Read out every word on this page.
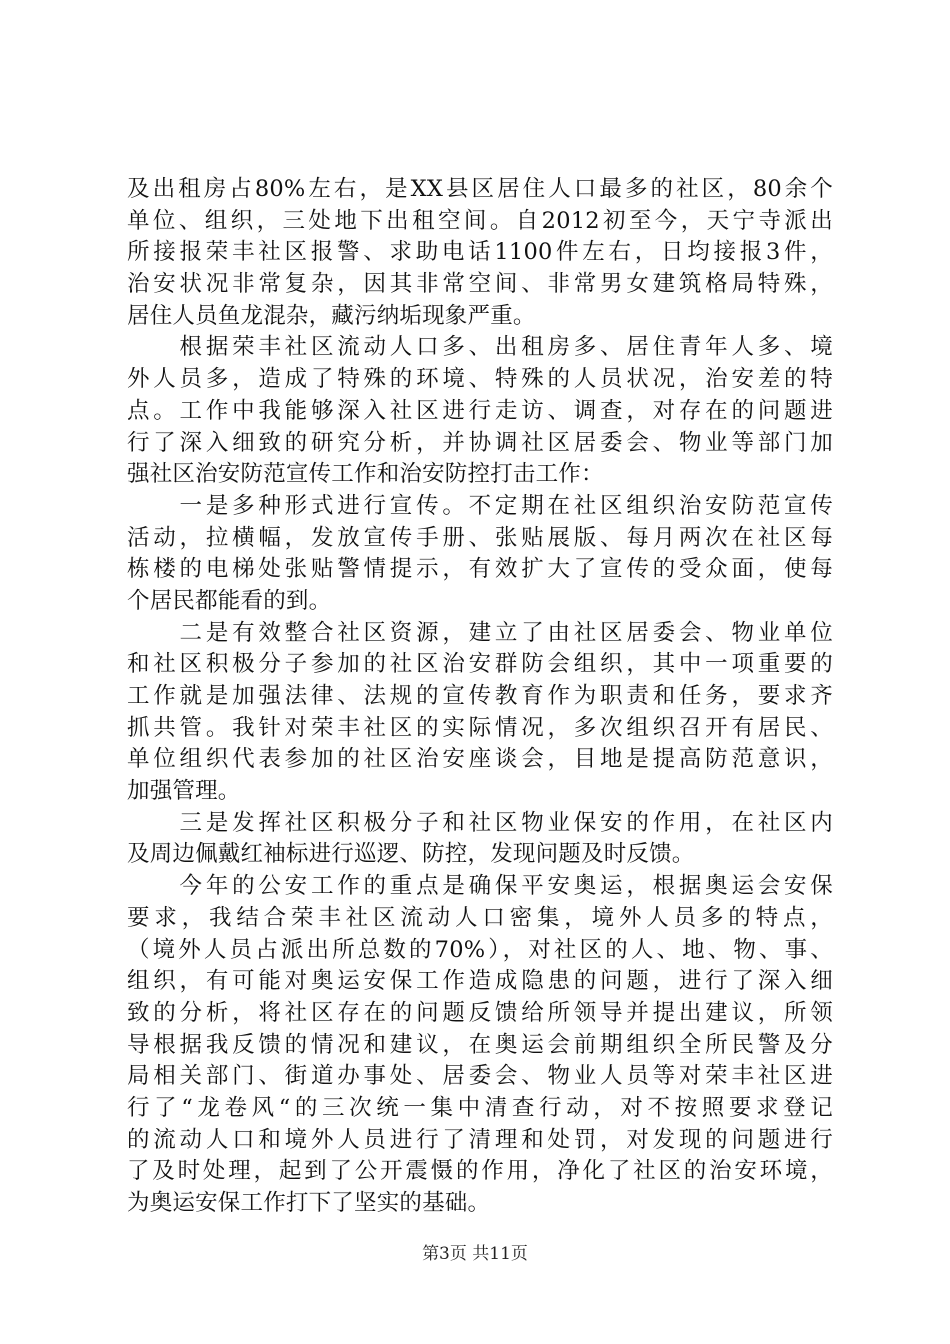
及出租房占80%左右，是XX县区居住人口最多的社区，80余个
单位、组织，三处地下出租空间。自2012初至今，天宁寺派出
所接报荣丰社区报警、求助电话1100件左右，日均接报3件，
治安状况非常复杂，因其非常空间、非常男女建筑格局特殊，
居住人员鱼龙混杂，藏污纳垢现象严重。
　　根据荣丰社区流动人口多、出租房多、居住青年人多、境
外人员多，造成了特殊的环境、特殊的人员状况，治安差的特
点。工作中我能够深入社区进行走访、调查，对存在的问题进
行了深入细致的研究分析，并协调社区居委会、物业等部门加
强社区治安防范宣传工作和治安防控打击工作：
　　一是多种形式进行宣传。不定期在社区组织治安防范宣传
活动，拉横幅，发放宣传手册、张贴展版、每月两次在社区每
栋楼的电梯处张贴警情提示，有效扩大了宣传的受众面，使每
个居民都能看的到。
　　二是有效整合社区资源，建立了由社区居委会、物业单位
和社区积极分子参加的社区治安群防会组织，其中一项重要的
工作就是加强法律、法规的宣传教育作为职责和任务，要求齐
抓共管。我针对荣丰社区的实际情况，多次组织召开有居民、
单位组织代表参加的社区治安座谈会，目地是提高防范意识，
加强管理。
　　三是发挥社区积极分子和社区物业保安的作用，在社区内
及周边佩戴红袖标进行巡逻、防控，发现问题及时反馈。
　　今年的公安工作的重点是确保平安奥运，根据奥运会安保
要求，我结合荣丰社区流动人口密集，境外人员多的特点，
（境外人员占派出所总数的70%），对社区的人、地、物、事、
组织，有可能对奥运安保工作造成隐患的问题，进行了深入细
致的分析，将社区存在的问题反馈给所领导并提出建议，所领
导根据我反馈的情况和建议，在奥运会前期组织全所民警及分
局相关部门、街道办事处、居委会、物业人员等对荣丰社区进
行了“龙卷风“的三次统一集中清查行动，对不按照要求登记
的流动人口和境外人员进行了清理和处罚，对发现的问题进行
了及时处理，起到了公开震慑的作用，净化了社区的治安环境，
为奥运安保工作打下了坚实的基础。
第3页 共11页
